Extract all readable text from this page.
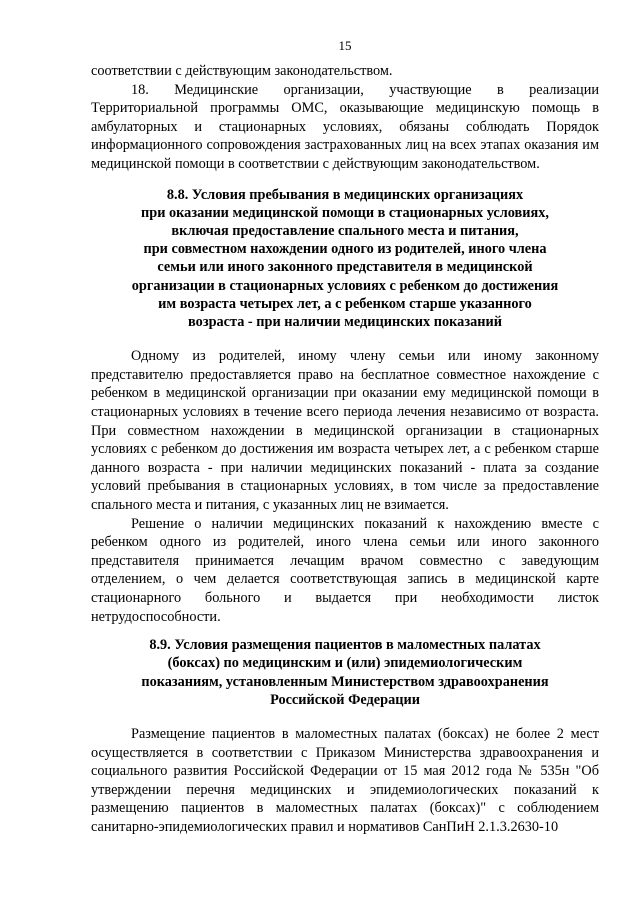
15

соответствии с действующим законодательством.

18. Медицинские организации, участвующие в реализации Территориальной программы ОМС, оказывающие медицинскую помощь в амбулаторных и стационарных условиях, обязаны соблюдать Порядок информационного сопровождения застрахованных лиц на всех этапах оказания им медицинской помощи в соответствии с действующим законодательством.

8.8. Условия пребывания в медицинских организациях
при оказании медицинской помощи в стационарных условиях,
включая предоставление спального места и питания,
при совместном нахождении одного из родителей, иного члена
семьи или иного законного представителя в медицинской
организации в стационарных условиях с ребенком до достижения
им возраста четырех лет, а с ребенком старше указанного
возраста - при наличии медицинских показаний

Одному из родителей, иному члену семьи или иному законному представителю предоставляется право на бесплатное совместное нахождение с ребенком в медицинской организации при оказании ему медицинской помощи в стационарных условиях в течение всего периода лечения независимо от возраста. При совместном нахождении в медицинской организации в стационарных условиях с ребенком до достижения им возраста четырех лет, а с ребенком старше данного возраста - при наличии медицинских показаний - плата за создание условий пребывания в стационарных условиях, в том числе за предоставление спального места и питания, с указанных лиц не взимается.

Решение о наличии медицинских показаний к нахождению вместе с ребенком одного из родителей, иного члена семьи или иного законного представителя принимается лечащим врачом совместно с заведующим отделением, о чем делается соответствующая запись в медицинской карте стационарного больного и выдается при необходимости листок нетрудоспособности.

8.9. Условия размещения пациентов в маломестных палатах
(боксах) по медицинским и (или) эпидемиологическим
показаниям, установленным Министерством здравоохранения
Российской Федерации

Размещение пациентов в маломестных палатах (боксах) не более 2 мест осуществляется в соответствии с Приказом Министерства здравоохранения и социального развития Российской Федерации от 15 мая 2012 года № 535н "Об утверждении перечня медицинских и эпидемиологических показаний к размещению пациентов в маломестных палатах (боксах)" с соблюдением санитарно-эпидемиологических правил и нормативов СанПиН 2.1.3.2630-10
